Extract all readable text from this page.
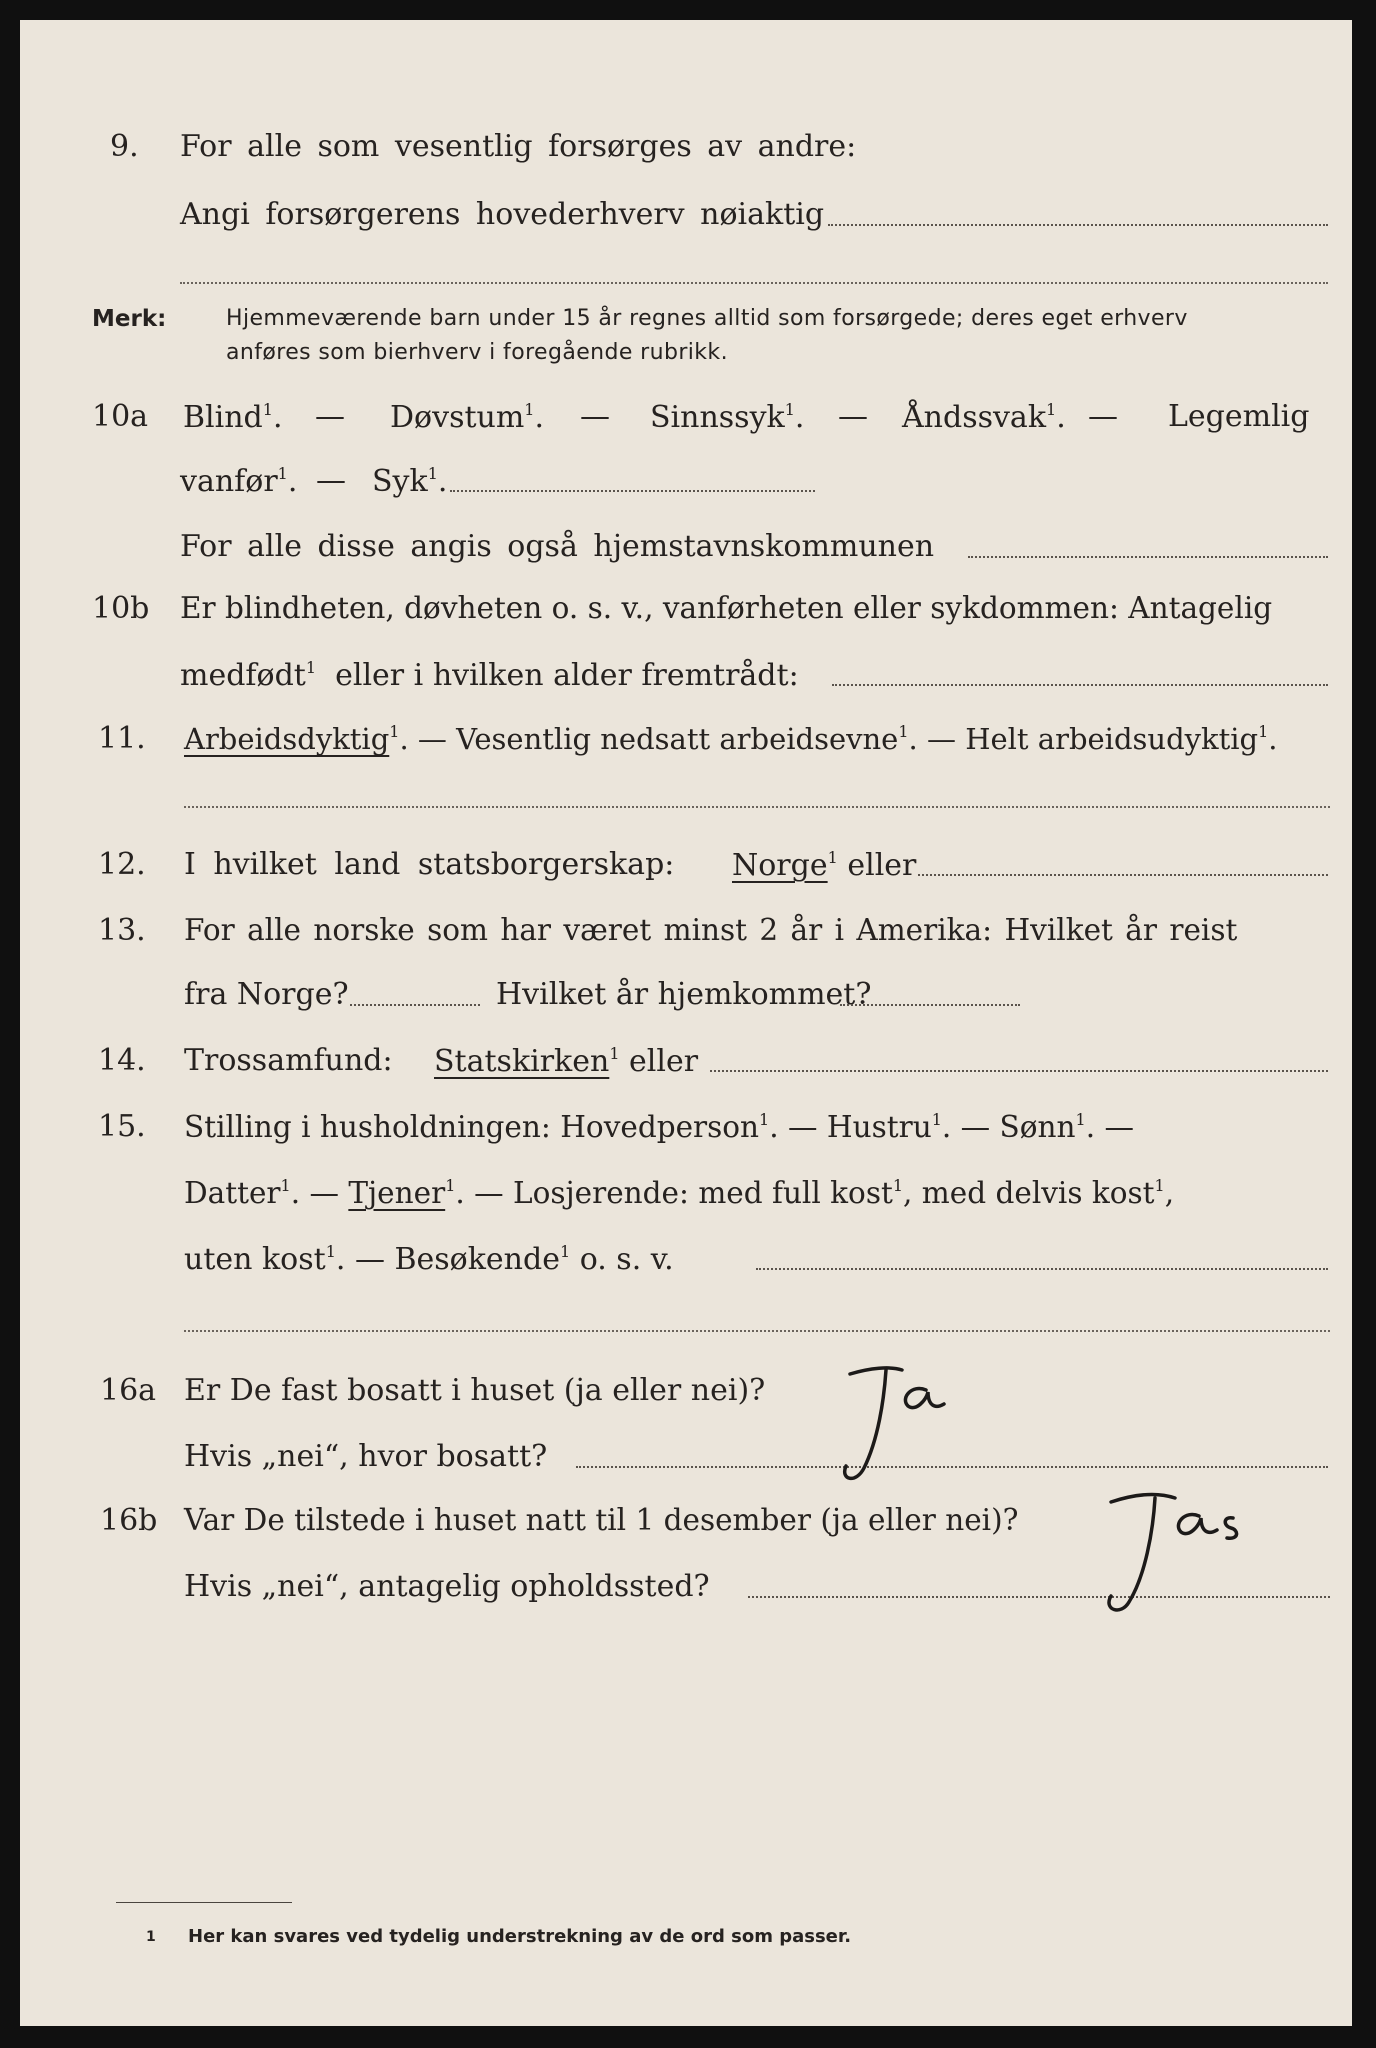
9. For alle som vesentlig forsørges av andre:
Angi forsørgerens hovederhverv nøiaktig
Merk:	Hjemmeværende barn under 15 år regnes alltid som forsørgede; deres eget erhverv
anføres som bierhverv i foregående rubrikk.
10a Blind$^1$. — Døvstum$^1$. — Sinnssyk$^1$. — Åndssvak$^1$. — Legemlig
vanfør$^1$. — Syk$^1$.
For alle disse angis også hjemstavnskommunen
10b Er blindheten, døvheten o. s. v., vanførheten eller sykdommen: Antagelig
medfødt$^1$ eller i hvilken alder fremtrådt:
11. Arbeidsdyktig$^1$. — Vesentlig nedsatt arbeidsevne$^1$. — Helt arbeidsudyktig$^1$.
12. I hvilket land statsborgerskap: Norge$^1$ eller
13. For alle norske som har været minst 2 år i Amerika: Hvilket år reist
fra Norge?	Hvilket år hjemkommet?
14. Trossamfund: Statskirken$^1$ eller
15. Stilling i husholdningen: Hovedperson$^1$. — Hustru$^1$. — Sønn$^1$. —
Datter$^1$. — Tjener$^1$. — Losjerende: med full kost$^1$, med delvis kost$^1$,
uten kost$^1$. — Besøkende$^1$ o. s. v.
16a Er De fast bosatt i huset (ja eller nei)?
Hvis „nei“, hvor bosatt?
Ja
16b Var De tilstede i huset natt til 1 desember (ja eller nei)?
Hvis „nei“, antagelig opholdssted?
Ja
1 Her kan svares ved tydelig understrekning av de ord som passer.
